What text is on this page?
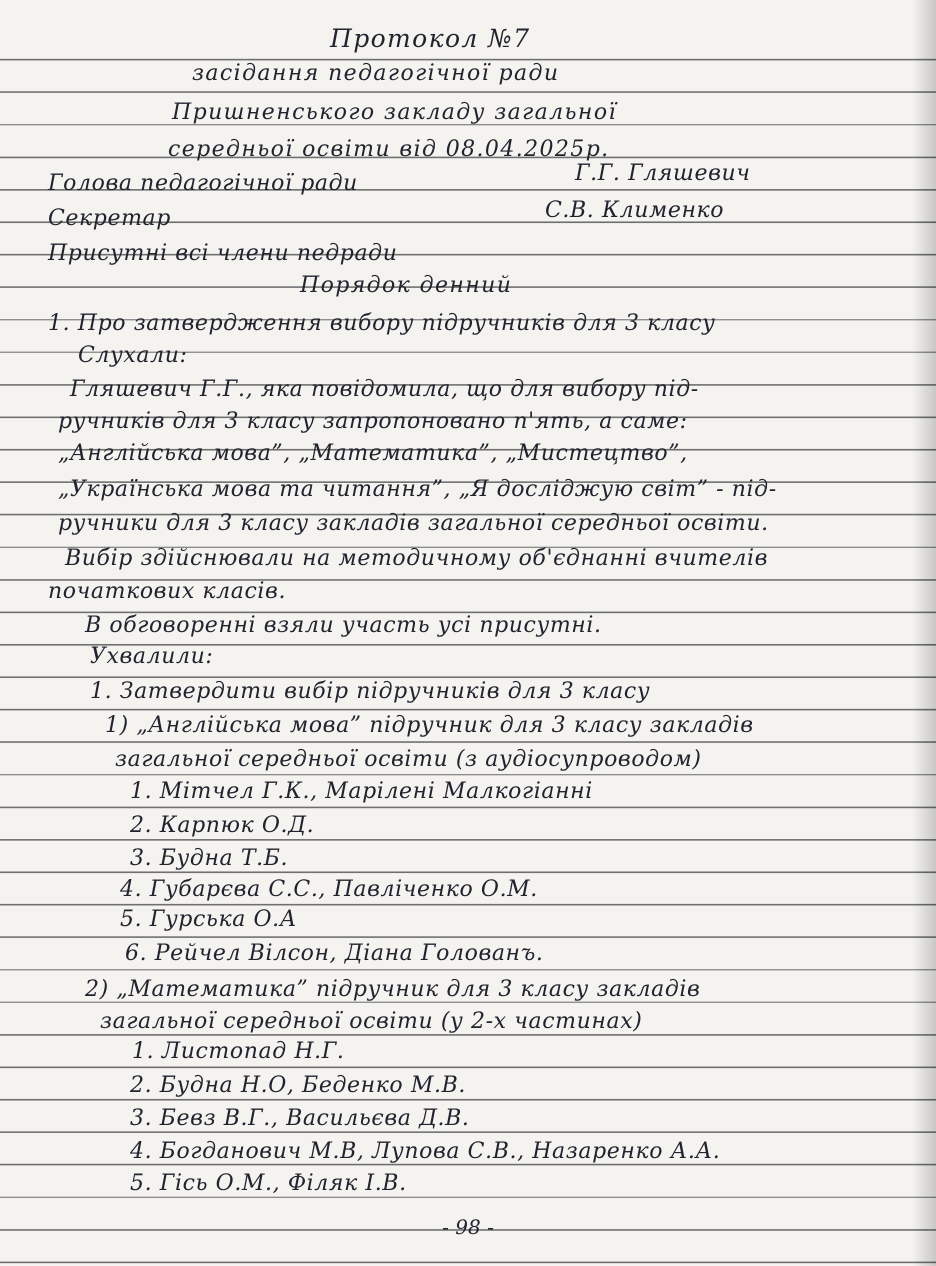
Протокол №7
засідання педагогічної ради
Пришненського закладу загальної
середньої освіти від 08.04.2025р.
Голова педагогічної ради	Г.Г. Гляшевич
Секретар	С.В. Клименко
Присутні всі члени педради
Порядок денний
1. Про затвердження вибору підручників для 3 класу
Слухали:
Гляшевич Г.Г., яка повідомила, що для вибору під-
ручників для 3 класу запропоновано п'ять, а саме:
„Англійська мова”, „Математика”, „Мистецтво”,
„Українська мова та читання”, „Я досліджую світ” - під-
ручники для 3 класу закладів загальної середньої освіти.
Вибір здійснювали на методичному об'єднанні вчителів
початкових класів.
В обговоренні взяли участь усі присутні.
Ухвалили:
1. Затвердити вибір підручників для 3 класу
1) „Англійська мова” підручник для 3 класу закладів
загальної середньої освіти (з аудіосупроводом)
1. Мітчел Г.К., Марілені Малкогіанні
2. Карпюк О.Д.
3. Будна Т.Б.
4. Губарєва С.С., Павліченко О.М.
5. Гурська О.А
6. Рейчел Вілсон, Діана Голованъ.
2) „Математика” підручник для 3 класу закладів
загальної середньої освіти (у 2-х частинах)
1. Листопад Н.Г.
2. Будна Н.О, Беденко М.В.
3. Бевз В.Г., Васильєва Д.В.
4. Богданович М.В, Лупова С.В., Назаренко А.А.
5. Гісь О.М., Філяк І.В.
- 98 -
